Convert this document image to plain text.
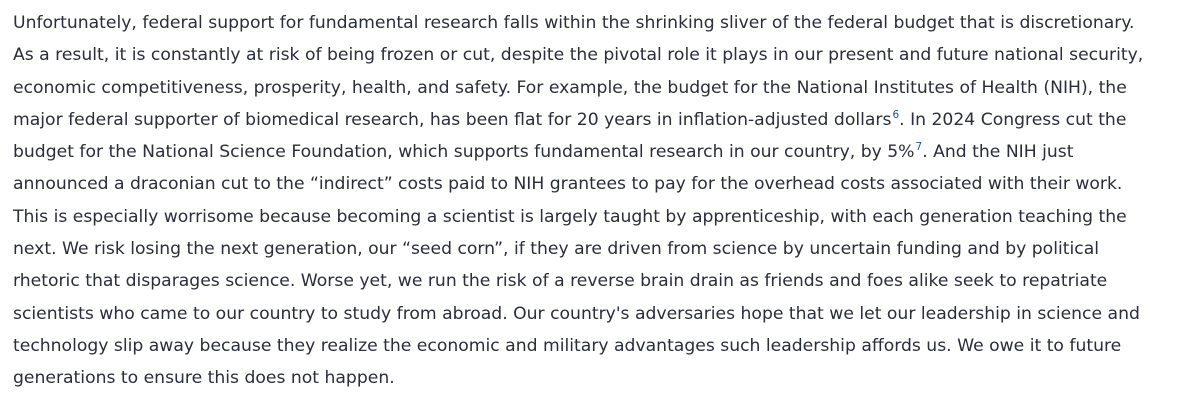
Unfortunately, federal support for fundamental research falls within the shrinking sliver of the federal budget that is discretionary.
As a result, it is constantly at risk of being frozen or cut, despite the pivotal role it plays in our present and future national security,
economic competitiveness, prosperity, health, and safety. For example, the budget for the National Institutes of Health (NIH), the
major federal supporter of biomedical research, has been flat for 20 years in inflation-adjusted dollars$^6$. In 2024 Congress cut the
budget for the National Science Foundation, which supports fundamental research in our country, by 5%$^7$. And the NIH just
announced a draconian cut to the “indirect” costs paid to NIH grantees to pay for the overhead costs associated with their work.
This is especially worrisome because becoming a scientist is largely taught by apprenticeship, with each generation teaching the
next. We risk losing the next generation, our “seed corn”, if they are driven from science by uncertain funding and by political
rhetoric that disparages science. Worse yet, we run the risk of a reverse brain drain as friends and foes alike seek to repatriate
scientists who came to our country to study from abroad. Our country's adversaries hope that we let our leadership in science and
technology slip away because they realize the economic and military advantages such leadership affords us. We owe it to future
generations to ensure this does not happen.
